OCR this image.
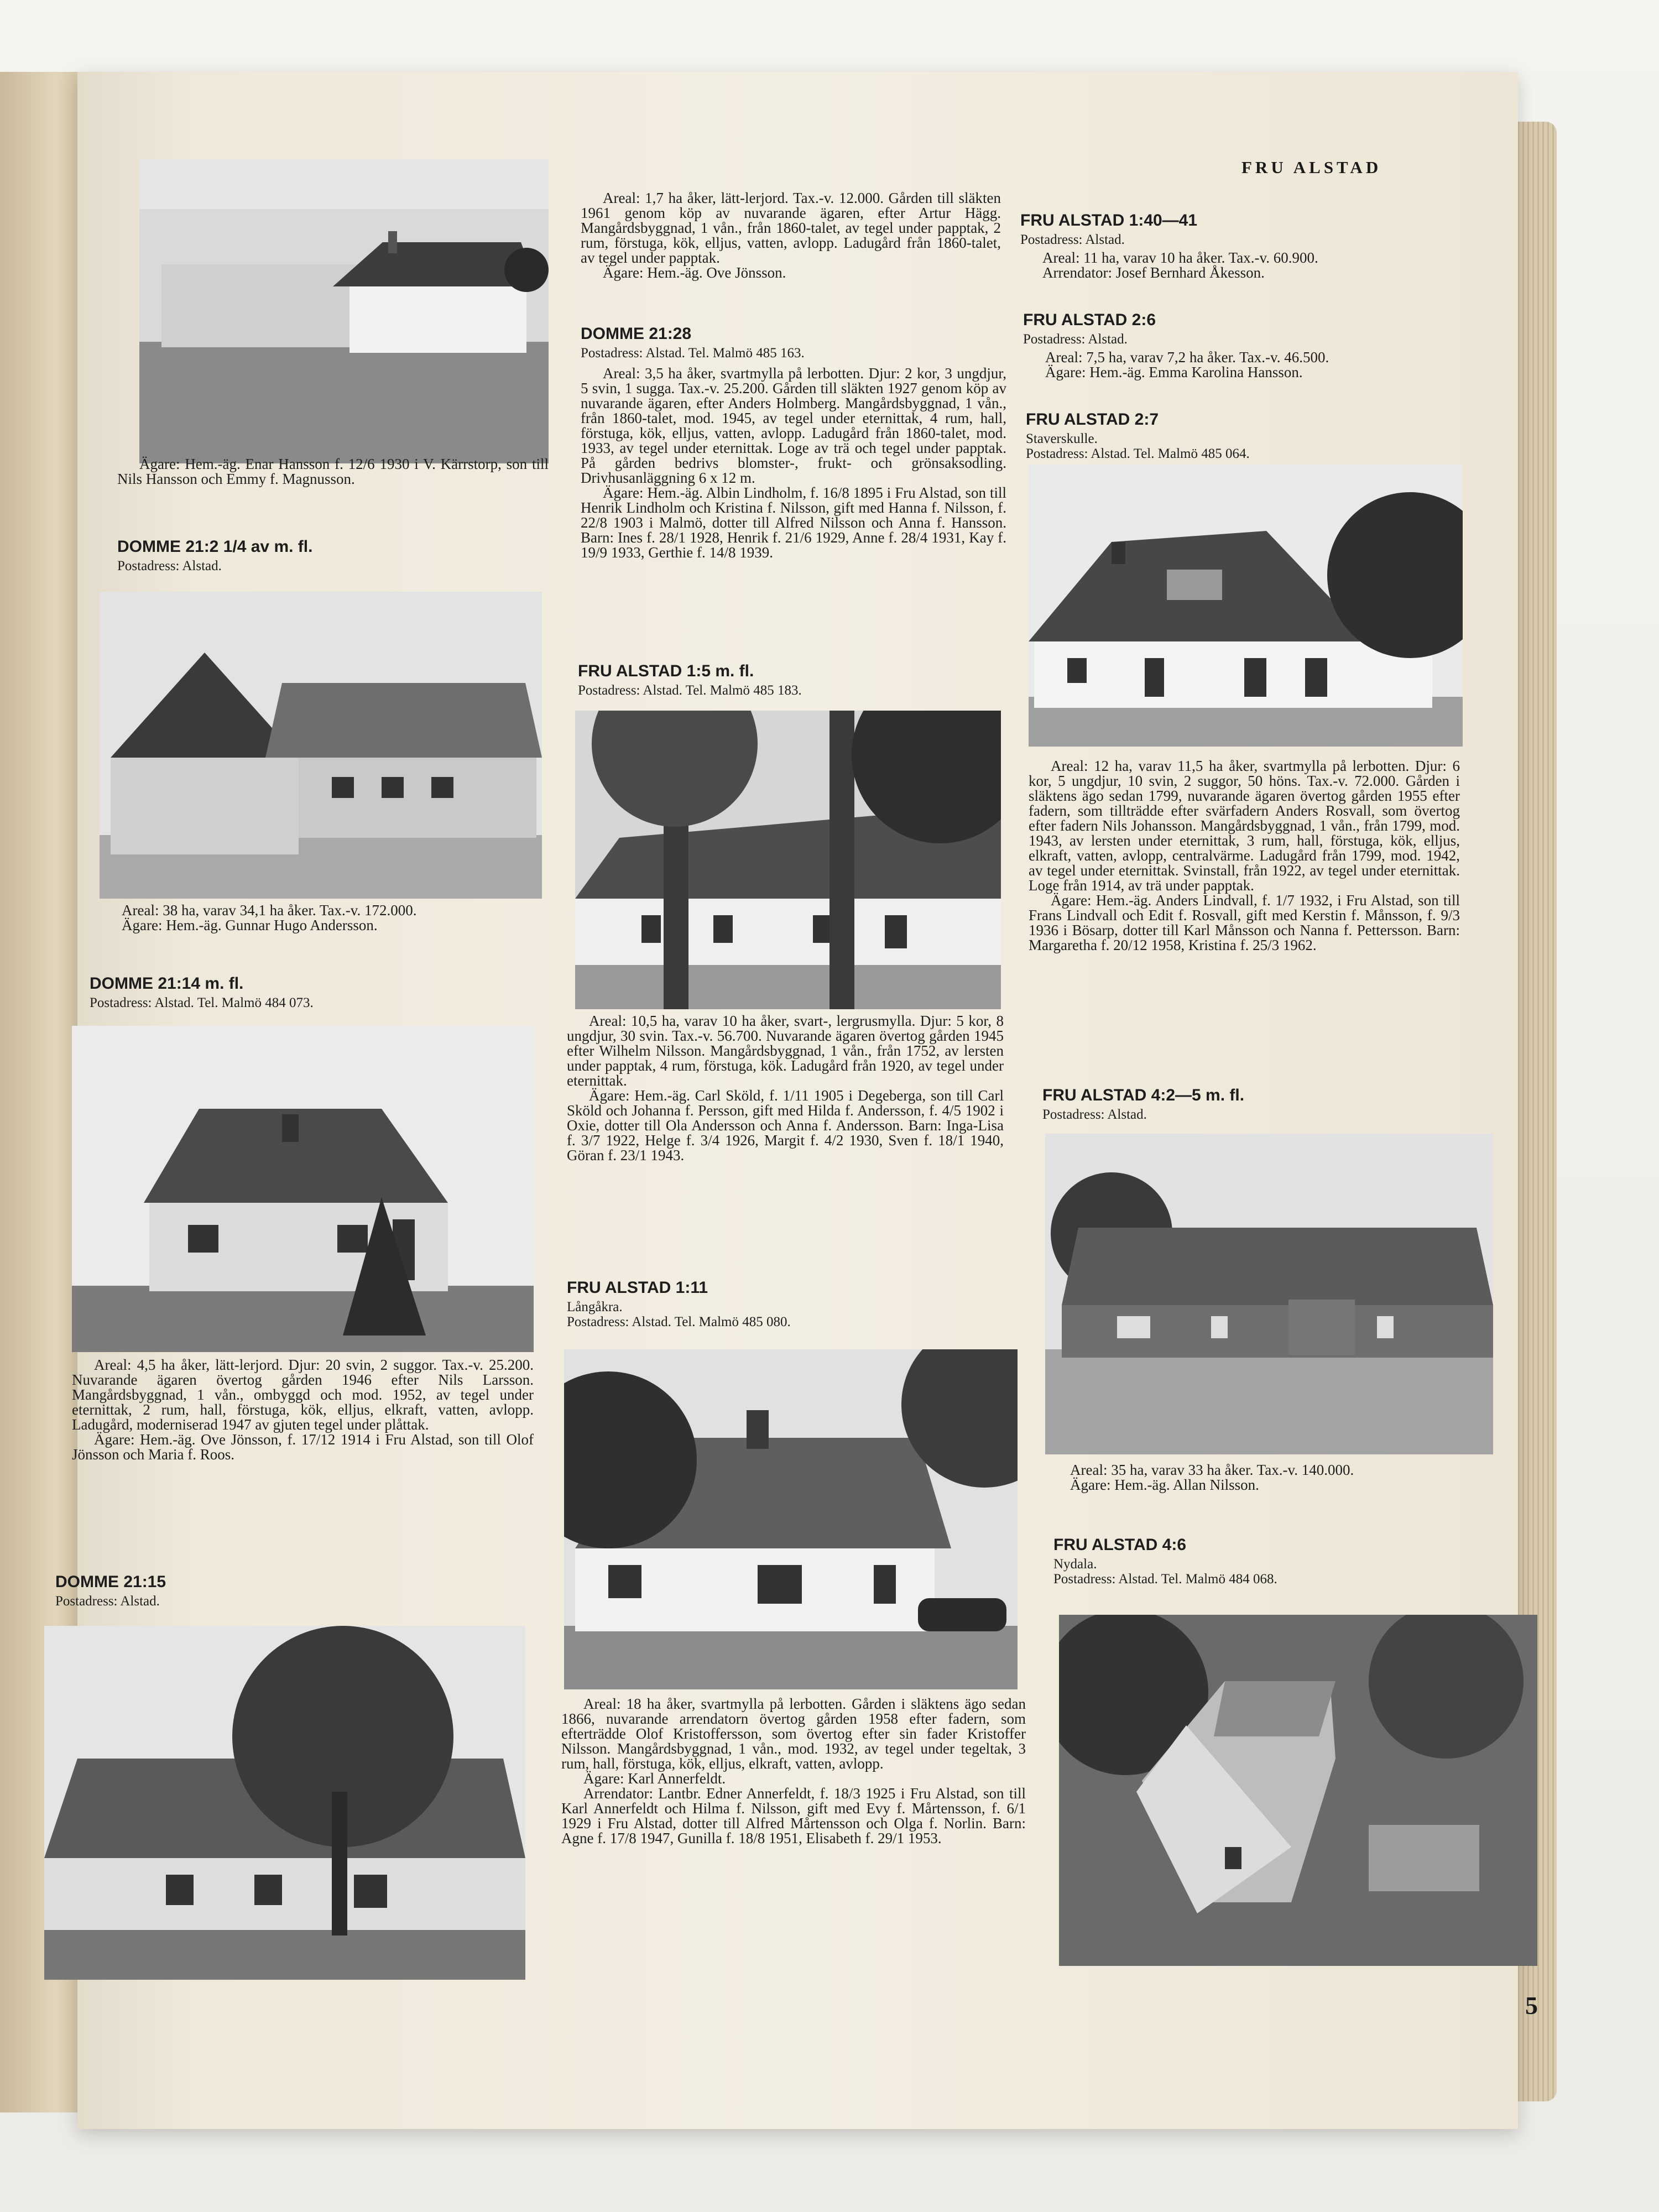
FRU ALSTAD

Ägare: Hem.-äg. Enar Hansson f. 12/6 1930 i V. Kärrstorp, son till Nils Hansson och Emmy f. Magnusson.

DOMME 21:2 1/4 av m. fl.
Postadress: Alstad.

Areal: 38 ha, varav 34,1 ha åker. Tax.-v. 172.000.

Ägare: Hem.-äg. Gunnar Hugo Andersson.

DOMME 21:14 m. fl.
Postadress: Alstad. Tel. Malmö 484 073.

Areal: 4,5 ha åker, lätt-lerjord. Djur: 20 svin, 2 suggor. Tax.-v. 25.200. Nuvarande ägaren övertog gården 1946 efter Nils Larsson. Mangårdsbyggnad, 1 vån., ombyggd och mod. 1952, av tegel under eternittak, 2 rum, hall, förstuga, kök, elljus, elkraft, vatten, avlopp. Ladugård, moderniserad 1947 av gjuten tegel under plåttak.

Ägare: Hem.-äg. Ove Jönsson, f. 17/12 1914 i Fru Alstad, son till Olof Jönsson och Maria f. Roos.

DOMME 21:15
Postadress: Alstad.

Areal: 1,7 ha åker, lätt-lerjord. Tax.-v. 12.000. Gården till släkten 1961 genom köp av nuvarande ägaren, efter Artur Hägg. Mangårdsbyggnad, 1 vån., från 1860-talet, av tegel under papptak, 2 rum, förstuga, kök, elljus, vatten, avlopp. Ladugård från 1860-talet, av tegel under papptak.

Ägare: Hem.-äg. Ove Jönsson.

DOMME 21:28
Postadress: Alstad. Tel. Malmö 485 163.

Areal: 3,5 ha åker, svartmylla på lerbotten. Djur: 2 kor, 3 ungdjur, 5 svin, 1 sugga. Tax.-v. 25.200. Gården till släkten 1927 genom köp av nuvarande ägaren, efter Anders Holmberg. Mangårdsbyggnad, 1 vån., från 1860-talet, mod. 1945, av tegel under eternittak, 4 rum, hall, förstuga, kök, elljus, vatten, avlopp. Ladugård från 1860-talet, mod. 1933, av tegel under eternittak. Loge av trä och tegel under papptak. På gården bedrivs blomster-, frukt- och grönsaksodling. Drivhusanläggning 6 x 12 m.

Ägare: Hem.-äg. Albin Lindholm, f. 16/8 1895 i Fru Alstad, son till Henrik Lindholm och Kristina f. Nilsson, gift med Hanna f. Nilsson, f. 22/8 1903 i Malmö, dotter till Alfred Nilsson och Anna f. Hansson. Barn: Ines f. 28/1 1928, Henrik f. 21/6 1929, Anne f. 28/4 1931, Kay f. 19/9 1933, Gerthie f. 14/8 1939.

FRU ALSTAD 1:5 m. fl.
Postadress: Alstad. Tel. Malmö 485 183.

Areal: 10,5 ha, varav 10 ha åker, svart-, lergrusmylla. Djur: 5 kor, 8 ungdjur, 30 svin. Tax.-v. 56.700. Nuvarande ägaren övertog gården 1945 efter Wilhelm Nilsson. Mangårdsbyggnad, 1 vån., från 1752, av lersten under papptak, 4 rum, förstuga, kök. Ladugård från 1920, av tegel under eternittak.

Ägare: Hem.-äg. Carl Sköld, f. 1/11 1905 i Degeberga, son till Carl Sköld och Johanna f. Persson, gift med Hilda f. Andersson, f. 4/5 1902 i Oxie, dotter till Ola Andersson och Anna f. Andersson. Barn: Inga-Lisa f. 3/7 1922, Helge f. 3/4 1926, Margit f. 4/2 1930, Sven f. 18/1 1940, Göran f. 23/1 1943.

FRU ALSTAD 1:11
Långåkra.
Postadress: Alstad. Tel. Malmö 485 080.

Areal: 18 ha åker, svartmylla på lerbotten. Gården i släktens ägo sedan 1866, nuvarande arrendatorn övertog gården 1958 efter fadern, som efterträdde Olof Kristoffersson, som övertog efter sin fader Kristoffer Nilsson. Mangårdsbyggnad, 1 vån., mod. 1932, av tegel under tegeltak, 3 rum, hall, förstuga, kök, elljus, elkraft, vatten, avlopp.

Ägare: Karl Annerfeldt.

Arrendator: Lantbr. Edner Annerfeldt, f. 18/3 1925 i Fru Alstad, son till Karl Annerfeldt och Hilma f. Nilsson, gift med Evy f. Mårtensson, f. 6/1 1929 i Fru Alstad, dotter till Alfred Mårtensson och Olga f. Norlin. Barn: Agne f. 17/8 1947, Gunilla f. 18/8 1951, Elisabeth f. 29/1 1953.

FRU ALSTAD 1:40—41
Postadress: Alstad.

Areal: 11 ha, varav 10 ha åker. Tax.-v. 60.900.

Arrendator: Josef Bernhard Åkesson.

FRU ALSTAD 2:6
Postadress: Alstad.

Areal: 7,5 ha, varav 7,2 ha åker. Tax.-v. 46.500.

Ägare: Hem.-äg. Emma Karolina Hansson.

FRU ALSTAD 2:7
Staverskulle.
Postadress: Alstad. Tel. Malmö 485 064.

Areal: 12 ha, varav 11,5 ha åker, svartmylla på lerbotten. Djur: 6 kor, 5 ungdjur, 10 svin, 2 suggor, 50 höns. Tax.-v. 72.000. Gården i släktens ägo sedan 1799, nuvarande ägaren övertog gården 1955 efter fadern, som tillträdde efter svärfadern Anders Rosvall, som övertog efter fadern Nils Johansson. Mangårdsbyggnad, 1 vån., från 1799, mod. 1943, av lersten under eternittak, 3 rum, hall, förstuga, kök, elljus, elkraft, vatten, avlopp, centralvärme. Ladugård från 1799, mod. 1942, av tegel under eternittak. Svinstall, från 1922, av tegel under eternittak. Loge från 1914, av trä under papptak.

Ägare: Hem.-äg. Anders Lindvall, f. 1/7 1932, i Fru Alstad, son till Frans Lindvall och Edit f. Rosvall, gift med Kerstin f. Månsson, f. 9/3 1936 i Bösarp, dotter till Karl Månsson och Nanna f. Pettersson. Barn: Margaretha f. 20/12 1958, Kristina f. 25/3 1962.

FRU ALSTAD 4:2—5 m. fl.
Postadress: Alstad.

Areal: 35 ha, varav 33 ha åker. Tax.-v. 140.000.

Ägare: Hem.-äg. Allan Nilsson.

FRU ALSTAD 4:6
Nydala.
Postadress: Alstad. Tel. Malmö 484 068.
5
